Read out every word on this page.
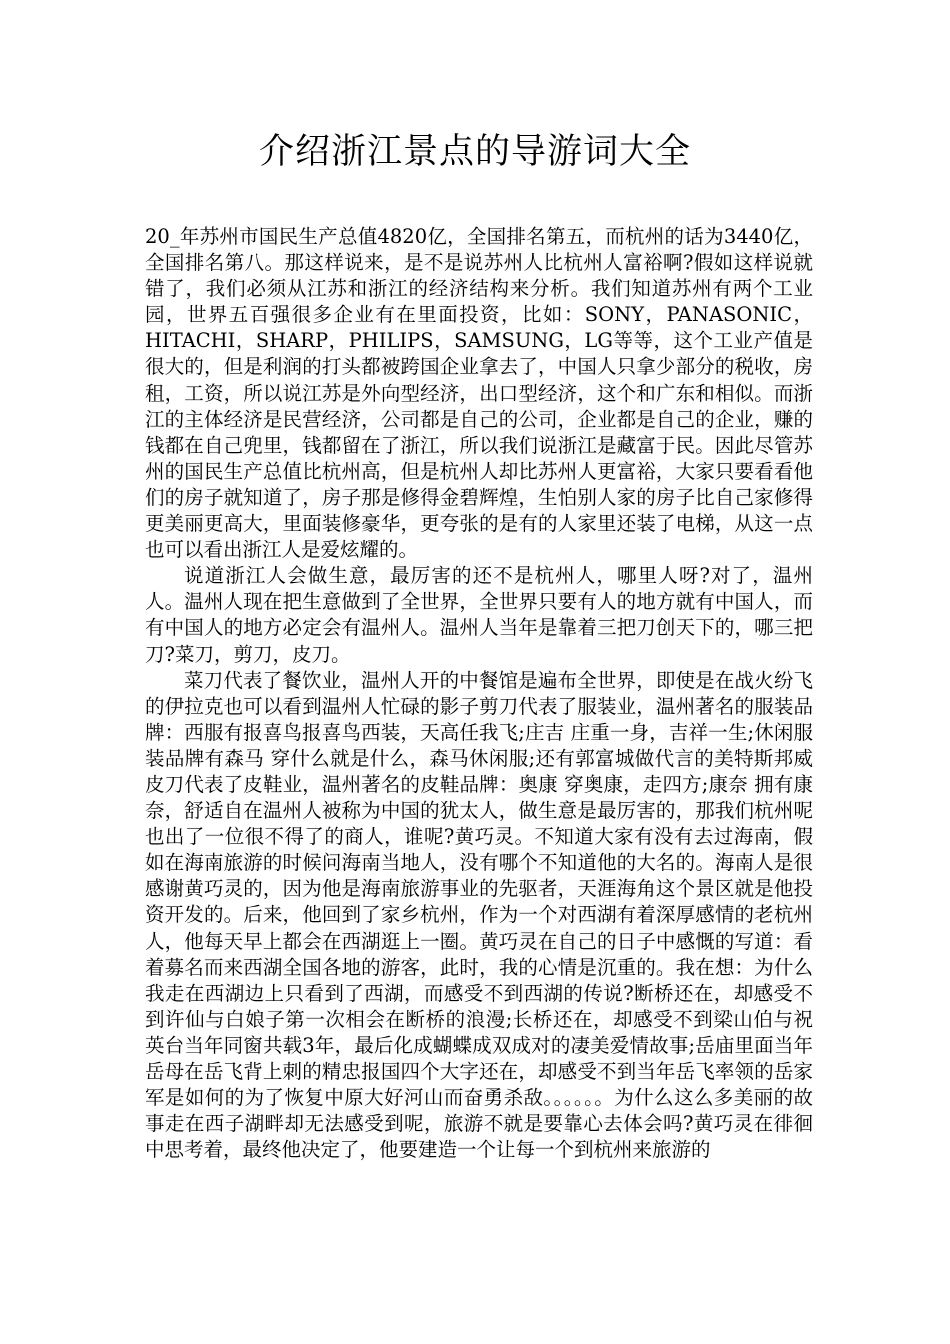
介绍浙江景点的导游词大全

20_年苏州市国民生产总值4820亿，全国排名第五，而杭州的话为3440亿，全国排名第八。那这样说来，是不是说苏州人比杭州人富裕啊?假如这样说就错了，我们必须从江苏和浙江的经济结构来分析。我们知道苏州有两个工业园，世界五百强很多企业有在里面投资，比如：SONY，PANASONIC，HITACHI，SHARP，PHILIPS，SAMSUNG，LG等等，这个工业产值是很大的，但是利润的打头都被跨国企业拿去了，中国人只拿少部分的税收，房租，工资，所以说江苏是外向型经济，出口型经济，这个和广东和相似。而浙江的主体经济是民营经济，公司都是自己的公司，企业都是自己的企业，赚的钱都在自己兜里，钱都留在了浙江，所以我们说浙江是藏富于民。因此尽管苏州的国民生产总值比杭州高，但是杭州人却比苏州人更富裕，大家只要看看他们的房子就知道了，房子那是修得金碧辉煌，生怕别人家的房子比自己家修得更美丽更高大，里面装修豪华，更夸张的是有的人家里还装了电梯，从这一点也可以看出浙江人是爱炫耀的。

说道浙江人会做生意，最厉害的还不是杭州人，哪里人呀?对了，温州人。温州人现在把生意做到了全世界，全世界只要有人的地方就有中国人，而有中国人的地方必定会有温州人。温州人当年是靠着三把刀创天下的，哪三把刀?菜刀，剪刀，皮刀。

菜刀代表了餐饮业，温州人开的中餐馆是遍布全世界，即使是在战火纷飞的伊拉克也可以看到温州人忙碌的影子剪刀代表了服装业，温州著名的服装品牌：西服有报喜鸟报喜鸟西装，天高任我飞;庄吉 庄重一身，吉祥一生;休闲服装品牌有森马 穿什么就是什么，森马休闲服;还有郭富城做代言的美特斯邦威皮刀代表了皮鞋业，温州著名的皮鞋品牌：奥康 穿奥康，走四方;康奈 拥有康奈，舒适自在温州人被称为中国的犹太人，做生意是最厉害的，那我们杭州呢也出了一位很不得了的商人，谁呢?黄巧灵。不知道大家有没有去过海南，假如在海南旅游的时候问海南当地人，没有哪个不知道他的大名的。海南人是很感谢黄巧灵的，因为他是海南旅游事业的先驱者，天涯海角这个景区就是他投资开发的。后来，他回到了家乡杭州，作为一个对西湖有着深厚感情的老杭州人，他每天早上都会在西湖逛上一圈。黄巧灵在自己的日子中感慨的写道：看着募名而来西湖全国各地的游客，此时，我的心情是沉重的。我在想：为什么我走在西湖边上只看到了西湖，而感受不到西湖的传说?断桥还在，却感受不到许仙与白娘子第一次相会在断桥的浪漫;长桥还在，却感受不到梁山伯与祝英台当年同窗共载3年，最后化成蝴蝶成双成对的凄美爱情故事;岳庙里面当年岳母在岳飞背上刺的精忠报国四个大字还在，却感受不到当年岳飞率领的岳家军是如何的为了恢复中原大好河山而奋勇杀敌。。。。。。为什么这么多美丽的故事走在西子湖畔却无法感受到呢，旅游不就是要靠心去体会吗?黄巧灵在徘徊中思考着，最终他决定了，他要建造一个让每一个到杭州来旅游的
